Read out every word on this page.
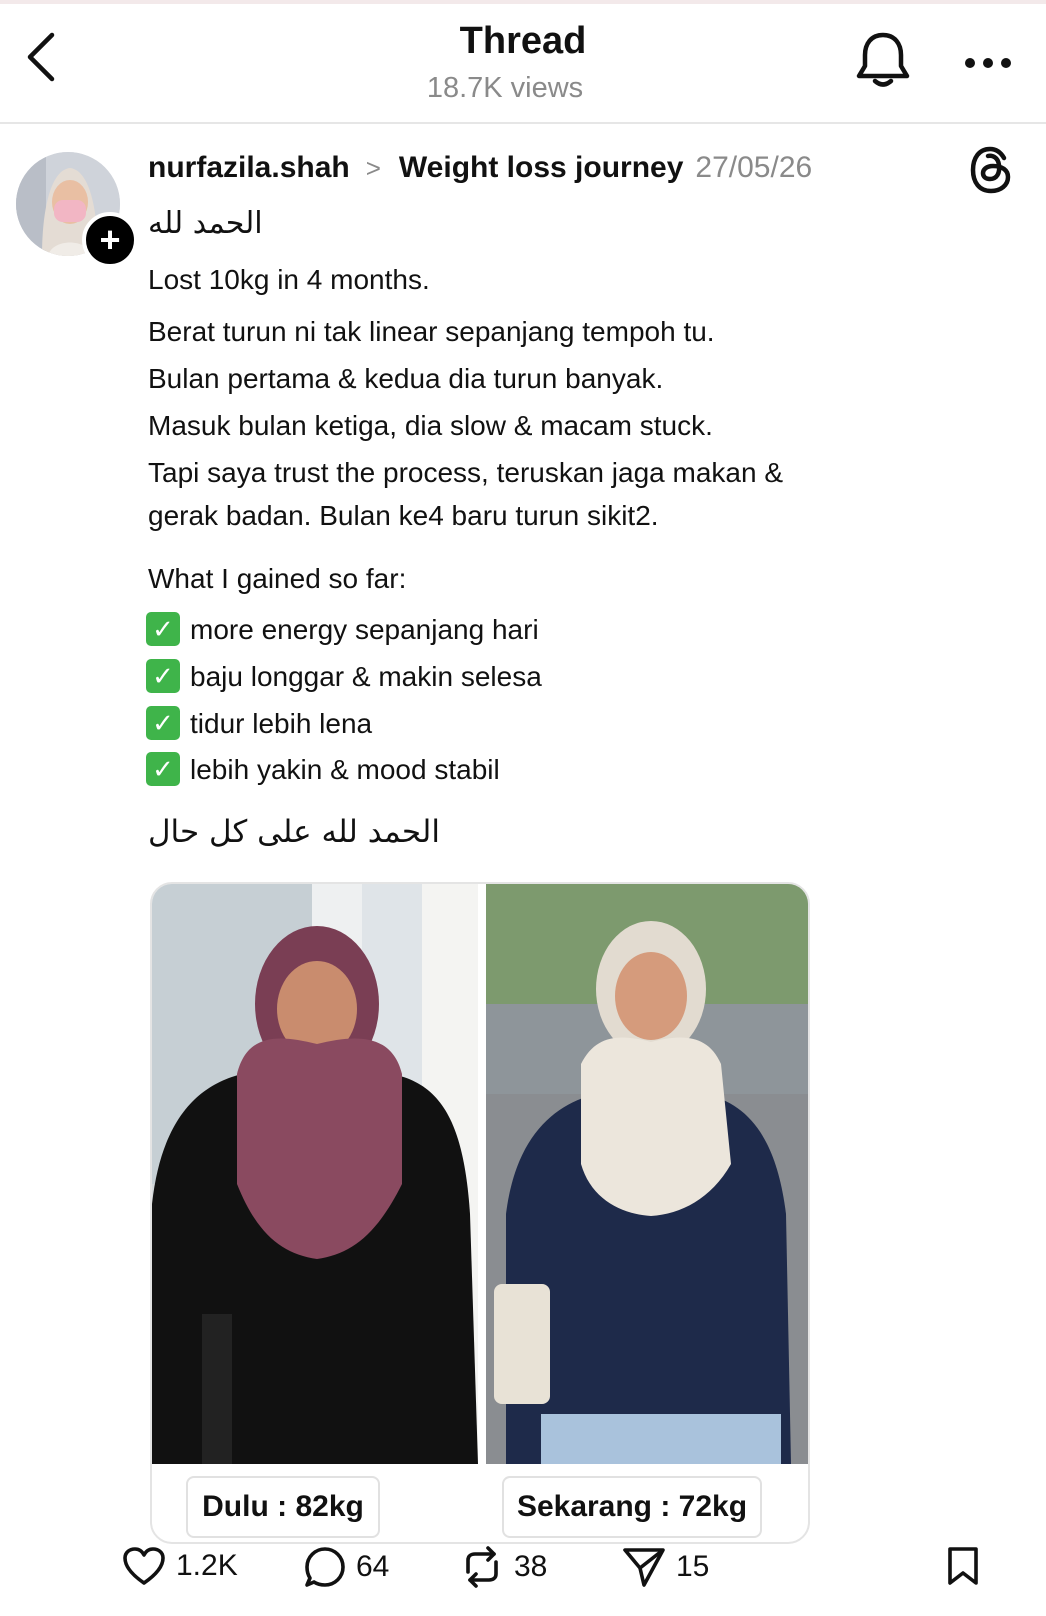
Thread
18.7K views
+
nurfazila.shah > Weight loss journey 27/05/26
الحمد لله
Lost 10kg in 4 months.
Berat turun ni tak linear sepanjang tempoh tu.
Bulan pertama & kedua dia turun banyak.
Masuk bulan ketiga, dia slow & macam stuck.
Tapi saya trust the process, teruskan jaga makan &
gerak badan. Bulan ke4 baru turun sikit2.
What I gained so far:
✓ more energy sepanjang hari
✓ baju longgar & makin selesa
✓ tidur lebih lena
✓ lebih yakin & mood stabil
الحمد لله على كل حال
Dulu : 82kg	Sekarang : 72kg
1.2K	64	38	15
